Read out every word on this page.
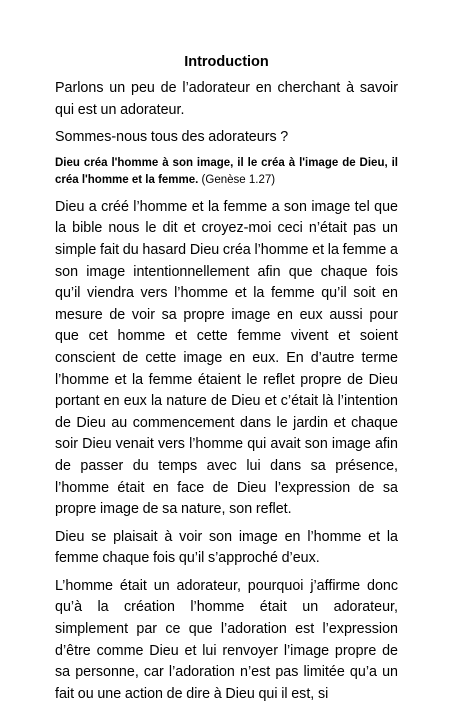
Introduction

Parlons un peu de l’adorateur en cherchant à savoir qui est un adorateur.

Sommes-nous tous des adorateurs ?

Dieu créa l'homme à son image, il le créa à l'image de Dieu, il créa l'homme et la femme. (Genèse 1.27)

Dieu a créé l’homme et la femme a son image tel que la bible nous le dit et croyez-moi ceci n’était pas un simple fait du hasard Dieu créa l’homme et la femme a son image intentionnellement afin que chaque fois qu’il viendra vers l’homme et la femme qu’il soit en mesure de voir sa propre image en eux aussi pour que cet homme et cette femme vivent et soient conscient de cette image en eux. En d’autre terme l’homme et la femme étaient le reflet propre de Dieu portant en eux la nature de Dieu et c’était là l’intention de Dieu au commencement dans le jardin et chaque soir Dieu venait vers l’homme qui avait son image afin de passer du temps avec lui dans sa présence, l’homme était en face de Dieu l’expression de sa propre image de sa nature, son reflet.

Dieu se plaisait à voir son image en l’homme et la femme chaque fois qu’il s’approché d’eux.

L’homme était un adorateur, pourquoi j’affirme donc qu’à la création l’homme était un adorateur, simplement par ce que l’adoration est l’expression d’être comme Dieu et lui renvoyer l’image propre de sa personne, car l’adoration n’est pas limitée qu’a un fait ou une action de dire à Dieu qui il est, si
